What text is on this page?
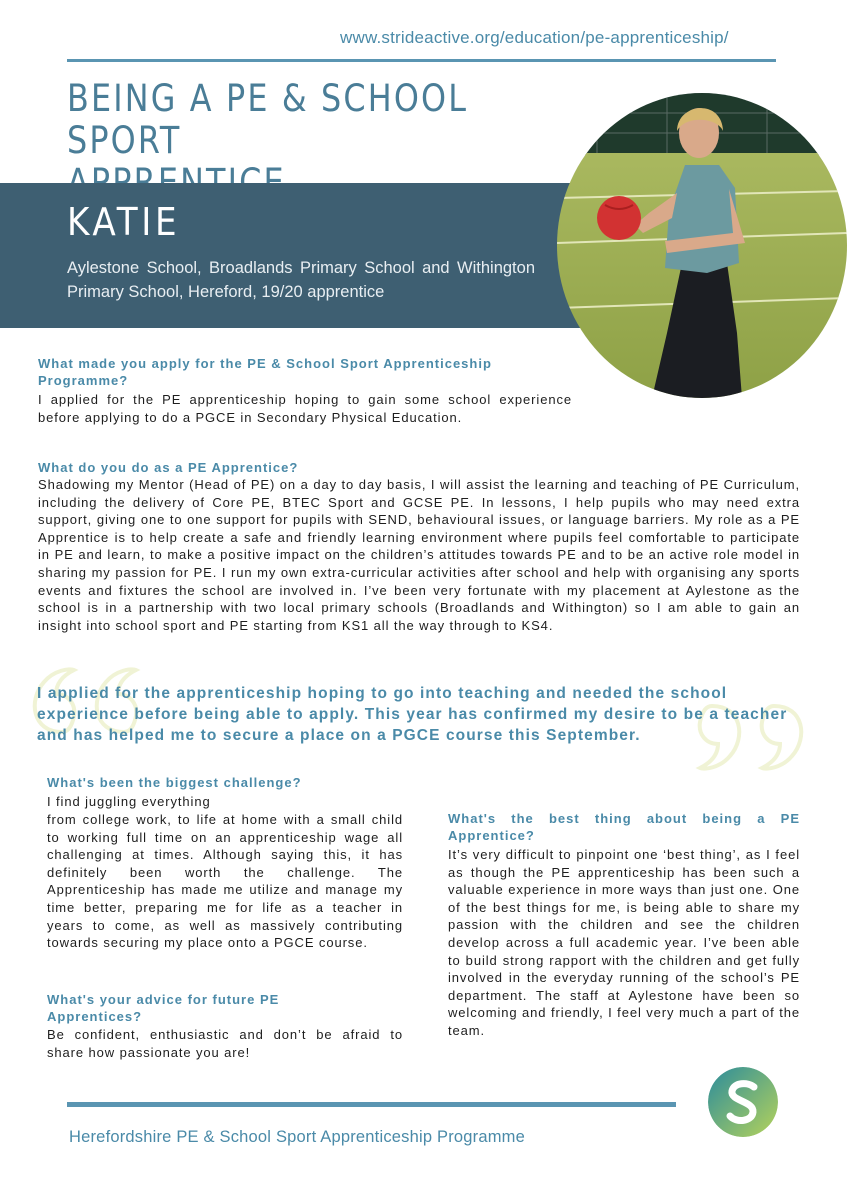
www.strideactive.org/education/pe-apprenticeship/
BEING A PE & SCHOOL SPORT

KATIE
Aylestone School, Broadlands Primary School and Withington Primary School, Hereford, 19/20 apprentice
What made you apply for the PE & School Sport Apprenticeship Programme?
I applied for the PE apprenticeship hoping to gain some school experience before applying to do a PGCE in Secondary Physical Education.
What do you do as a PE Apprentice?
Shadowing my Mentor (Head of PE) on a day to day basis, I will assist the learning and teaching of PE Curriculum, including the delivery of Core PE, BTEC Sport and GCSE PE. In lessons, I help pupils who may need extra support, giving one to one support for pupils with SEND, behavioural issues, or language barriers. My role as a PE Apprentice is to help create a safe and friendly learning environment where pupils feel comfortable to participate in PE and learn, to make a positive impact on the children’s attitudes towards PE and to be an active role model in sharing my passion for PE. I run my own extra-curricular activities after school and help with organising any sports events and fixtures the school are involved in. I’ve been very fortunate with my placement at Aylestone as the school is in a partnership with two local primary schools (Broadlands and Withington) so I am able to gain an insight into school sport and PE starting from KS1 all the way through to KS4.
I applied for the apprenticeship hoping to go into teaching and needed the school experience before being able to apply. This year has confirmed my desire to be a teacher and has helped me to secure a place on a PGCE course this September.
What's been the biggest challenge?
I find juggling everything
from college work, to life at home with a small child to working full time on an apprenticeship wage all challenging at times. Although saying this, it has definitely been worth the challenge. The Apprenticeship has made me utilize and manage my time better, preparing me for life as a teacher in years to come, as well as massively contributing towards securing my place onto a PGCE course.
What's your advice for future PE Apprentices?
Be confident, enthusiastic and don’t be afraid to share how passionate you are!
What's the best thing about being a PE Apprentice?
It’s very difficult to pinpoint one ‘best thing’, as I feel as though the PE apprenticeship has been such a valuable experience in more ways than just one. One of the best things for me, is being able to share my passion with the children and see the children develop across a full academic year. I’ve been able to build strong rapport with the children and get fully involved in the everyday running of the school’s PE department. The staff at Aylestone have been so welcoming and friendly, I feel very much a part of the team.
Herefordshire PE & School Sport Apprenticeship Programme
